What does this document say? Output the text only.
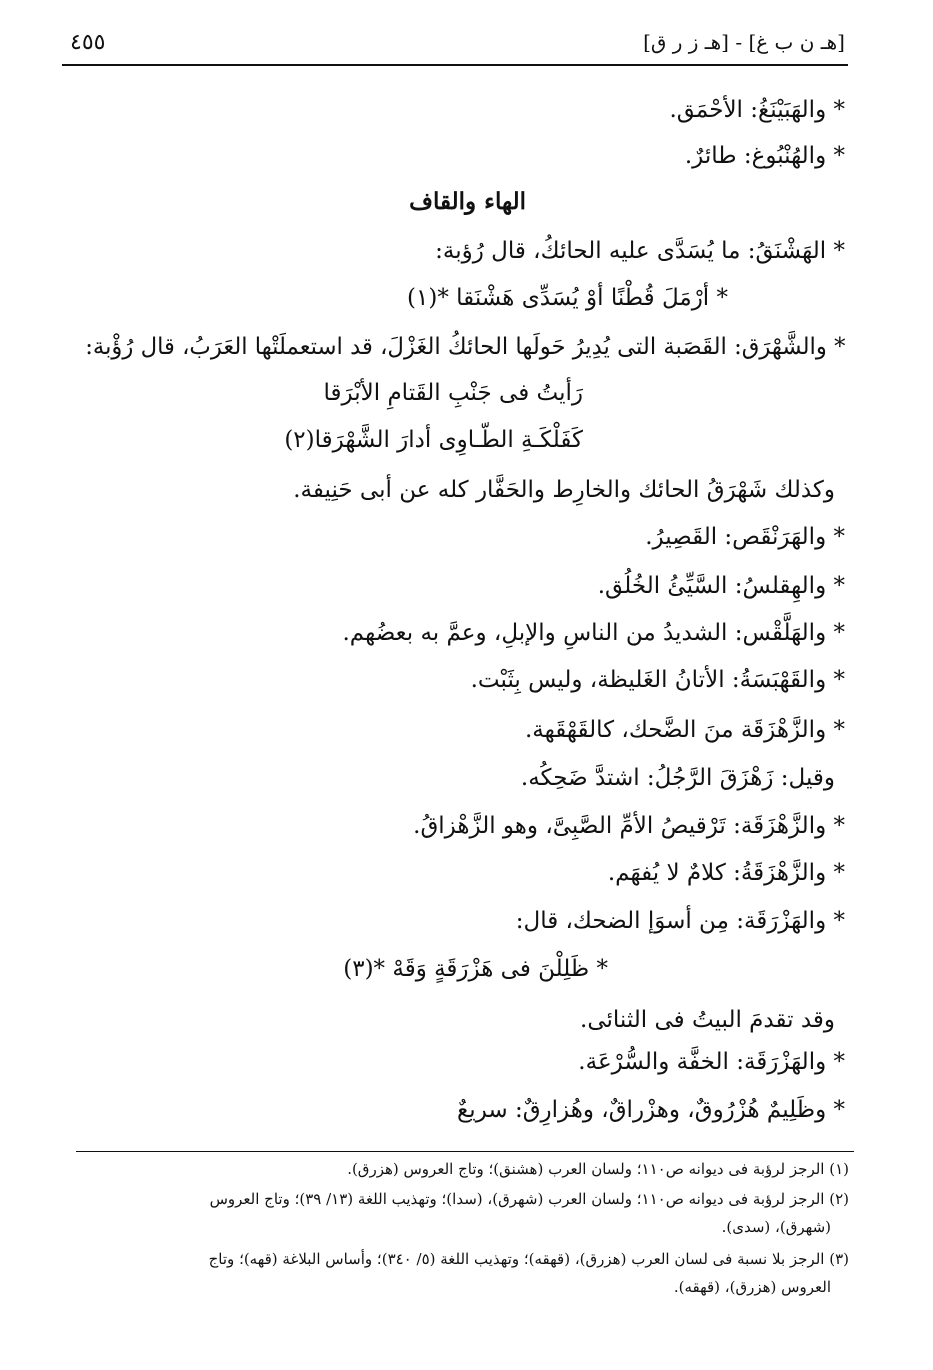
[هـ ن ب غ] - [هـ ز ر ق]
٤٥٥
* والهَبَيْنَغُ: الأحْمَق.
* والهُنْبُوغ: طائرٌ.
الهاء والقاف
* الهَشْنَقُ: ما يُسَدَّى عليه الحائكُ، قال رُؤبة:
* أرْمَلَ قُطْنًا أوْ يُسَدِّى هَشْنَقا *(١)
* والشَّهْرَق: القَصَبة التى يُدِيرُ حَولَها الحائكُ الغَزْلَ، قد استعملَتْها العَرَبُ، قال رُؤْبة:
رَأيتُ فى جَنْبِ القَتامِ الأبْرَقا
كَفَلْكَـةِ الطّـاوِى أدارَ الشَّهْرَقا(٢)
وكذلك شَهْرَقُ الحائك والخارِط والحَفَّار كله عن أبى حَنِيفة.
* والهَرَنْقَص: القَصِيرُ.
* والهِقلسُ: السَّيِّئُ الخُلُق.
* والهَلَّقْس: الشديدُ من الناسِ والإبلِ، وعمَّ به بعضُهم.
* والقَهْبَسَةُ: الأتانُ الغَليظة، وليس بِثَبْت.
* والزَّهْزَقَة منَ الضَّحك، كالقَهْقَهة.
وقيل: زَهْزَقَ الرَّجُلُ: اشتدَّ ضَحِكُه.
* والزَّهْزَقَة: تَرْقيصُ الأمِّ الصَّبِىَّ، وهو الزَّهْزاقُ.
* والزَّهْزَقَةُ: كلامٌ لا يُفهَم.
* والهَزْرَقَة: مِن أسوَإ الضحك، قال:
* ظَلِلْنَ فى هَزْرَقَةٍ وَقَهْ *(٣)
وقد تقدمَ البيتُ فى الثنائى.
* والهَزْرَقَة: الخفَّة والسُّرْعَة.
* وظَلِيمٌ هُزْرُوقٌ، وهزْراقٌ، وهُزارِقٌ: سريعٌ
(١) الرجز لرؤبة فى ديوانه ص١١٠؛ ولسان العرب (هشنق)؛ وتاج العروس (هزرق).
(٢) الرجز لرؤبة فى ديوانه ص١١٠؛ ولسان العرب (شهرق)، (سدا)؛ وتهذيب اللغة (١٣/ ٣٩)؛ وتاج العروس
(شهرق)، (سدى).
(٣) الرجز بلا نسبة فى لسان العرب (هزرق)، (قهقه)؛ وتهذيب اللغة (٥/ ٣٤٠)؛ وأساس البلاغة (قهه)؛ وتاج
العروس (هزرق)، (قهقه).
